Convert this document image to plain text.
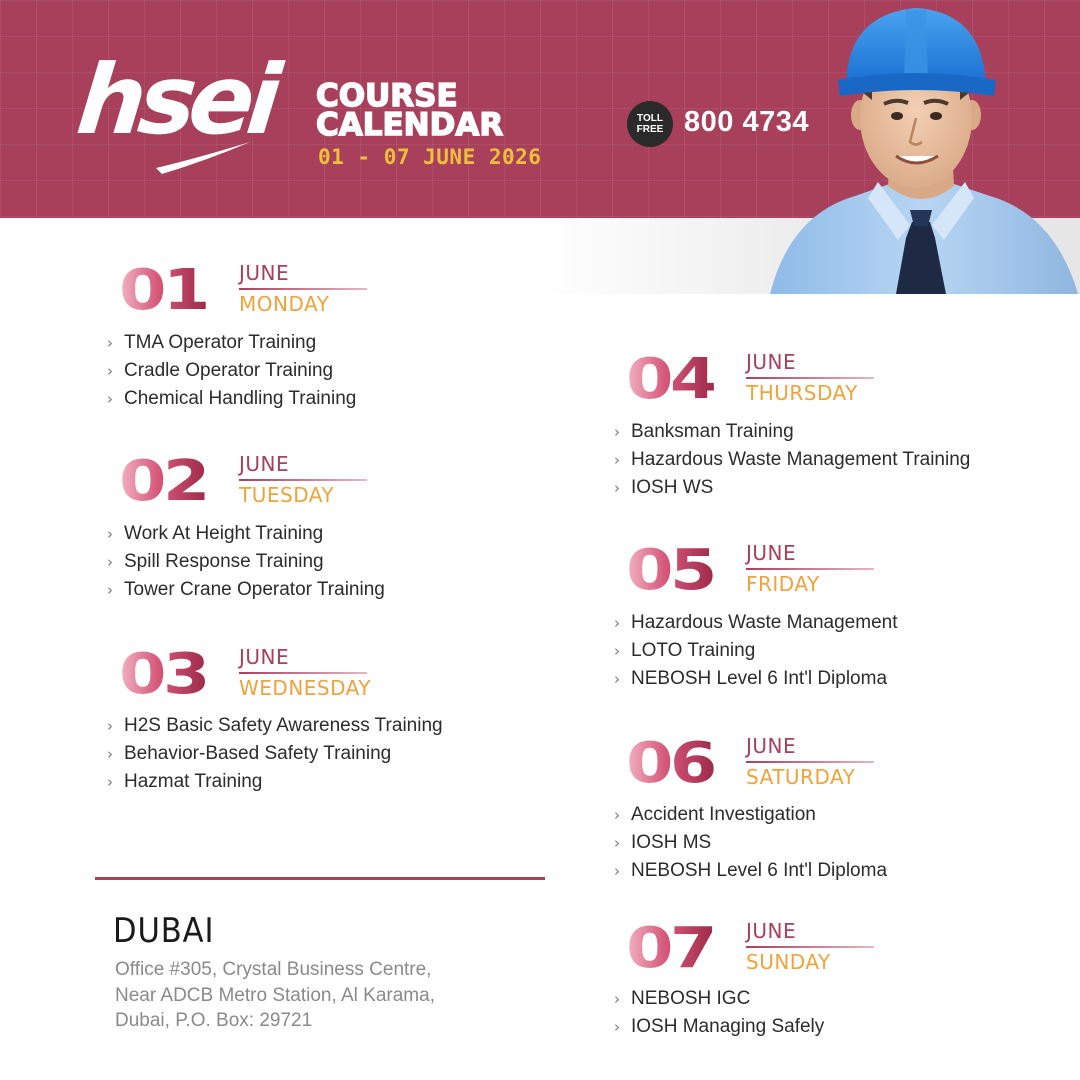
hsei COURSE
CALENDAR
01 - 07 JUNE 2026
TOLL
FREE 800 4734
01 JUNE
MONDAY
› TMA Operator Training
› Cradle Operator Training
› Chemical Handling Training
02 JUNE
TUESDAY
› Work At Height Training
› Spill Response Training
› Tower Crane Operator Training
03 JUNE
WEDNESDAY
› H2S Basic Safety Awareness Training
› Behavior-Based Safety Training
› Hazmat Training
04 JUNE
THURSDAY
› Banksman Training
› Hazardous Waste Management Training
› IOSH WS
05 JUNE
FRIDAY
› Hazardous Waste Management
› LOTO Training
› NEBOSH Level 6 Int'l Diploma
06 JUNE
SATURDAY
› Accident Investigation
› IOSH MS
› NEBOSH Level 6 Int'l Diploma
07 JUNE
SUNDAY
› NEBOSH IGC
› IOSH Managing Safely
DUBAI
Office #305, Crystal Business Centre,
Near ADCB Metro Station, Al Karama,
Dubai, P.O. Box: 29721
